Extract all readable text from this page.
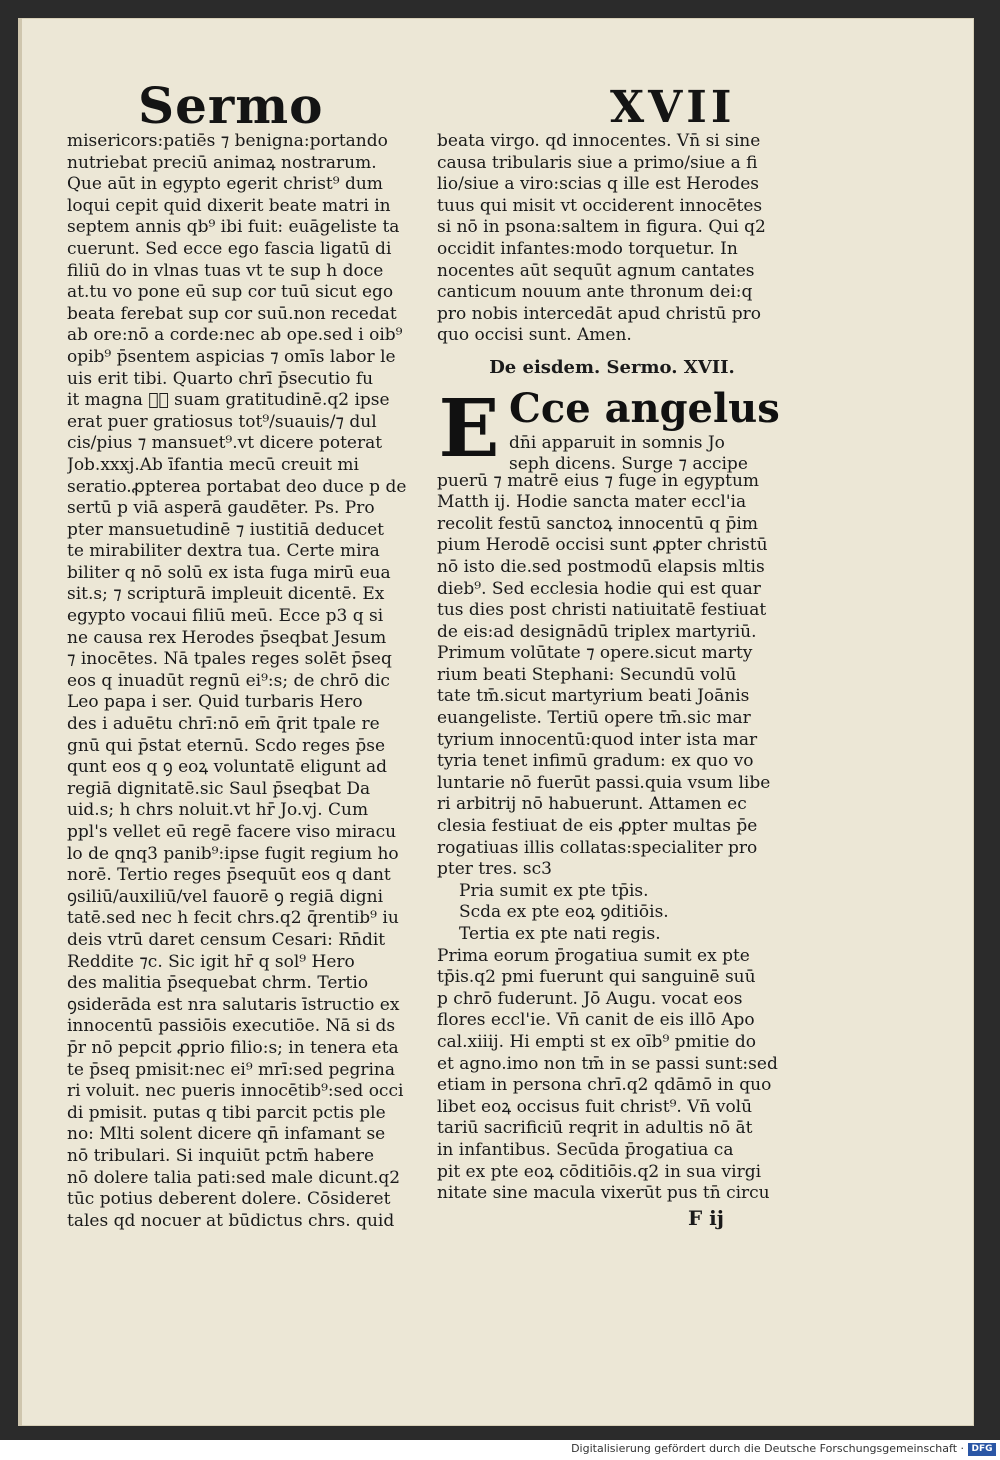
Sermo	XVII
misericors:patiēs ⁊ benigna:portando
nutriebat preciū animaꝝ nostrarum.
Que aūt in egypto egerit christ⁹ dum
loqui cepit quid dixerit beate matri in
septem annis qb⁹ ibi fuit: euāgeliste ta
cuerunt. Sed ecce ego fascia ligatū di
filiū do in vlnas tuas vt te sup h̄ doce
at.tu vo pone eū sup cor tuū sicut ego
beata ferebat sup cor suū.non recedat
ab ore:nō a corde:nec ab ope.sed i oib⁹
opib⁹ p̄sentem aspicias ⁊ omīs labor le
uis erit tibi. Quarto chrī p̄secutio fu
it magna ꝑ͛ suam gratitudinē.q2 ipse
erat puer gratiosus tot⁹/suauis/⁊ dul
cis/pius ⁊ mansuet⁹.vt dicere poterat
Job.xxxj.Ab īfantia mecū creuit mi
seratio.ꝓpterea portabat deo duce p de
sertū p viā asperā gaudēter. Ps. Pro
pter mansuetudinē ⁊ iustitiā deducet
te mirabiliter dextra tua. Certe mira
biliter q nō solū ex ista fuga mirū eua
sit.s; ⁊ scripturā impleuit dicentē. Ex
egypto vocaui filiū meū. Ecce p3 q si
ne causa rex Herodes p̄seqbat Jesum
⁊ inocētes. Nā tpales reges solēt p̄seq
eos q inuadūt regnū ei⁹:s; de chrō dic
Leo papa i ser. Quid turbaris Hero
des i aduētu chrī:nō em̄ q̄rit tpale re
gnū qui p̄stat eternū. Scdo reges p̄se
qunt eos q ꝯ eoꝝ voluntatē eligunt ad
regiā dignitatē.sic Saul p̄seqbat Da
uid.s; h̄ chrs noluit.vt hr̄ Jo.vj. Cum
ppl's vellet eū regē facere viso miracu
lo de qnq3 panib⁹:ipse fugit regium ho
norē. Tertio reges p̄sequūt eos q dant
ꝯsiliū/auxiliū/vel fauorē ꝯ regiā digni
tatē.sed nec h̄ fecit chrs.q2 q̄rentib⁹ iu
deis vtrū daret censum Cesari: Rn̄dit
Reddite ⁊c. Sic igit hr̄ q sol⁹ Hero
des malitia p̄sequebat chrm. Tertio
ꝯsiderāda est nra salutaris īstructio ex
innocentū passiōis executiōe. Nā si ds
p̄r nō pepcit ꝓprio filio:s; in tenera eta
te p̄seq pmisit:nec ei⁹ mrī:sed pegrina
ri voluit. nec pueris innocētib⁹:sed occi
di pmisit. putas q tibi parcit pctis ple
no: Mlti solent dicere qn̄ infamant se
nō tribulari. Si inquiūt pctm̄ habere
nō dolere talia pati:sed male dicunt.q2
tūc potius deberent dolere. Cōsideret
tales qd nocuer at būdictus chrs. quid
beata virgo. qd innocentes. Vn̄ si sine
causa tribularis siue a primo/siue a fi
lio/siue a viro:scias q ille est Herodes
tuus qui misit vt occiderent innocētes
si nō in psona:saltem in figura. Qui q2
occidit infantes:modo torquetur. In
nocentes aūt sequūt agnum cantates
canticum nouum ante thronum dei:q
pro nobis intercedāt apud christū pro
quo occisi sunt. Amen.
De eisdem. Sermo. XVII.
E Cce angelus
dn̄i apparuit in somnis Jo
seph dicens. Surge ⁊ accipe
puerū ⁊ matrē eius ⁊ fuge in egyptum
Matth ij. Hodie sancta mater eccl'ia
recolit festū sanctoꝝ innocentū q p̄im
pium Herodē occisi sunt ꝓpter christū
nō isto die.sed postmodū elapsis mltis
dieb⁹. Sed ecclesia hodie qui est quar
tus dies post christi natiuitatē festiuat
de eis:ad designādū triplex martyriū.
Primum volūtate ⁊ opere.sicut marty
rium beati Stephani: Secundū volū
tate tm̄.sicut martyrium beati Joānis
euangeliste. Tertiū opere tm̄.sic mar
tyrium innocentū:quod inter ista mar
tyria tenet infimū gradum: ex quo vo
luntarie nō fuerūt passi.quia vsum libe
ri arbitrij nō habuerunt. Attamen ec
clesia festiuat de eis ꝓpter multas p̄e
rogatiuas illis collatas:specialiter pro
pter tres. sc3
Pria sumit ex pte tp̄is.
Scda ex pte eoꝝ ꝯditiōis.
Tertia ex pte nati regis.
Prima eorum p̄rogatiua sumit ex pte
tp̄is.q2 pmi fuerunt qui sanguinē suū
p chrō fuderunt. Jō Augu. vocat eos
flores eccl'ie. Vn̄ canit de eis illō Apo
cal.xiiij. Hi empti st ex oīb⁹ pmitie do
et agno.imo non tm̄ in se passi sunt:sed
etiam in persona chrī.q2 qdāmō in quo
libet eoꝝ occisus fuit christ⁹. Vn̄ volū
tariū sacrificiū reqrit in adultis nō āt
in infantibus. Secūda p̄rogatiua ca
pit ex pte eoꝝ cōditiōis.q2 in sua virgi
nitate sine macula vixerūt pus tn̄ circu
F ij
Digitalisierung gefördert durch die Deutsche Forschungsgemeinschaft · DFG
